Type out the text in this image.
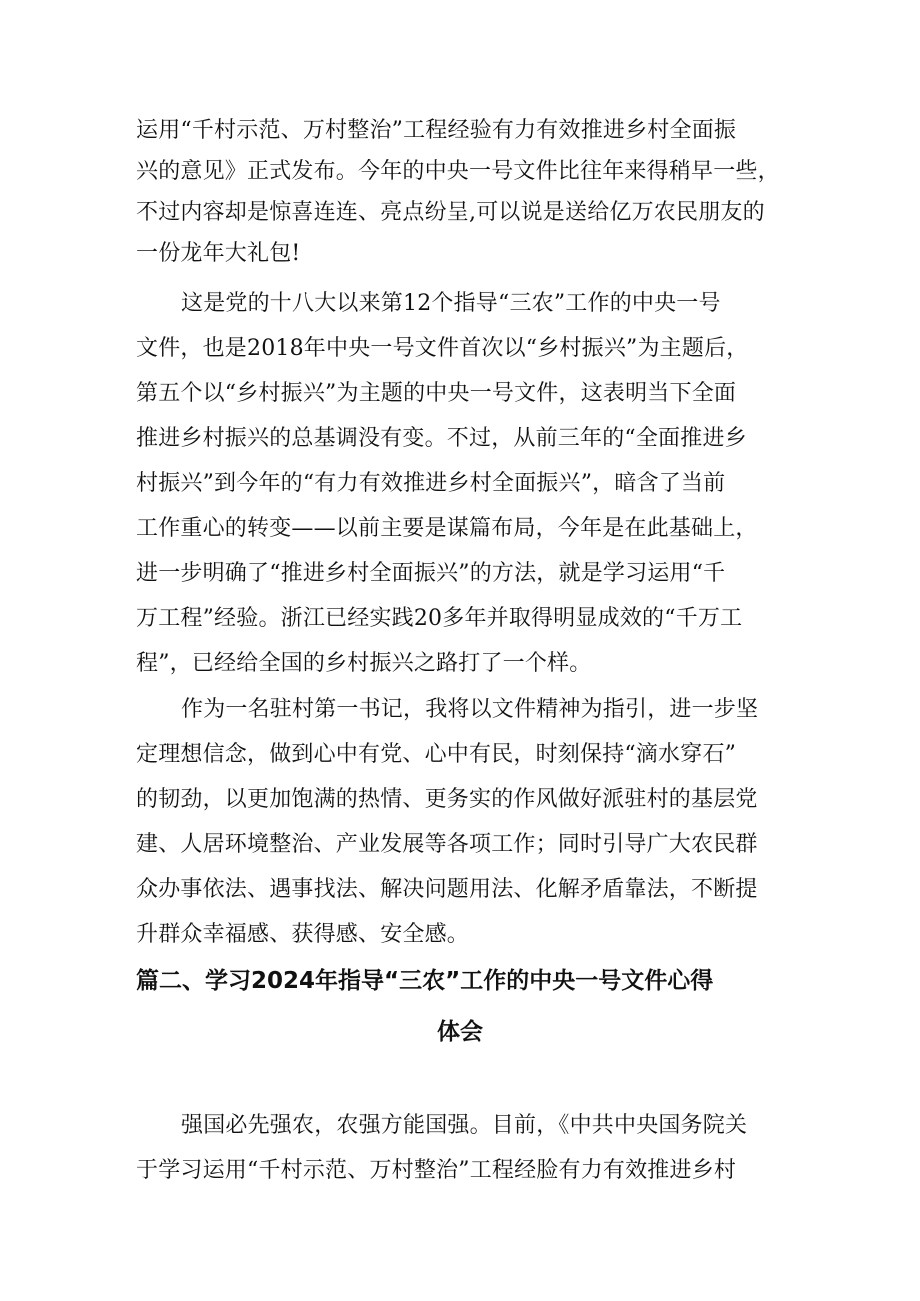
运用“千村示范、万村整治”工程经验有力有效推进乡村全面振
兴的意见》正式发布。今年的中央一号文件比往年来得稍早一些，
不过内容却是惊喜连连、亮点纷呈,可以说是送给亿万农民朋友的
一份龙年大礼包!
这是党的十八大以来第12个指导“三农”工作的中央一号
文件，也是2018年中央一号文件首次以“乡村振兴”为主题后，
第五个以“乡村振兴”为主题的中央一号文件，这表明当下全面
推进乡村振兴的总基调没有变。不过，从前三年的“全面推进乡
村振兴”到今年的“有力有效推进乡村全面振兴”，暗含了当前
工作重心的转变——以前主要是谋篇布局，今年是在此基础上，
进一步明确了“推进乡村全面振兴”的方法，就是学习运用“千
万工程”经验。浙江已经实践20多年并取得明显成效的“千万工
程”，已经给全国的乡村振兴之路打了一个样。
作为一名驻村第一书记，我将以文件精神为指引，进一步坚
定理想信念，做到心中有党、心中有民，时刻保持“滴水穿石”
的韧劲，以更加饱满的热情、更务实的作风做好派驻村的基层党
建、人居环境整治、产业发展等各项工作；同时引导广大农民群
众办事依法、遇事找法、解决问题用法、化解矛盾靠法，不断提
升群众幸福感、获得感、安全感。
篇二、学习2024年指导“三农”工作的中央一号文件心得
体会
强国必先强农，农强方能国强。目前，《中共中央国务院关
于学习运用“千村示范、万村整治”工程经脸有力有效推进乡村
